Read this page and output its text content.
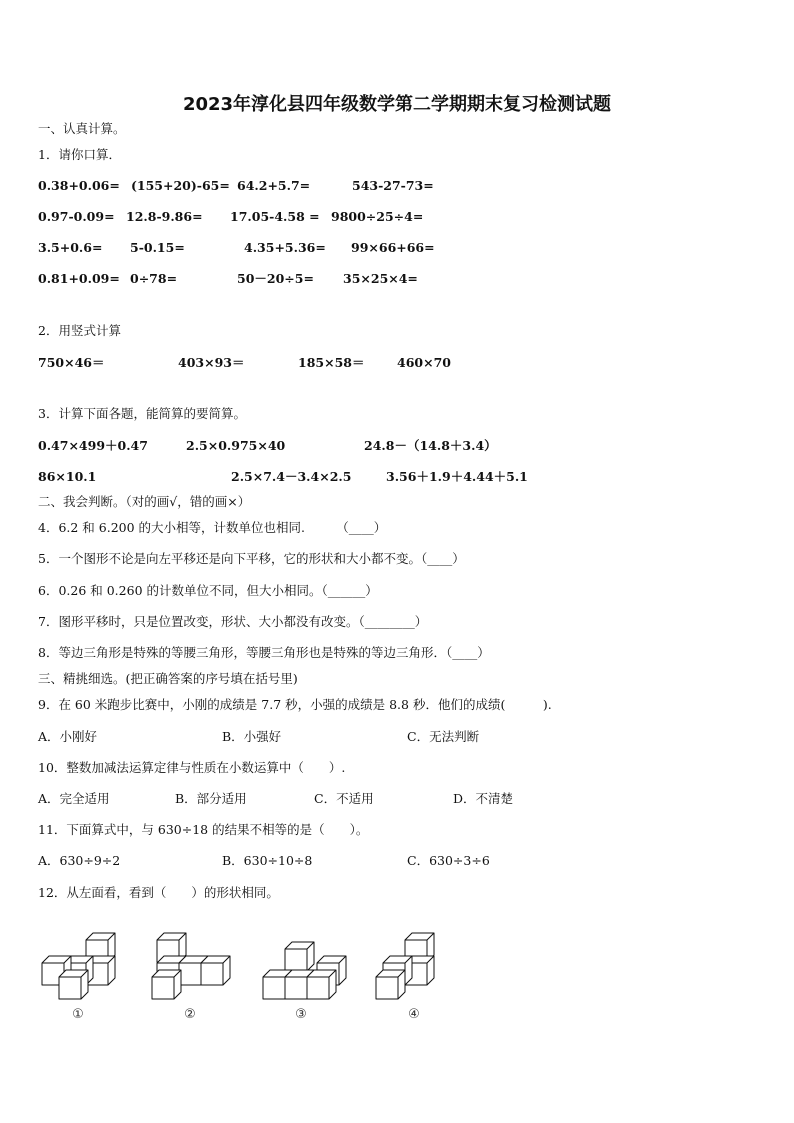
2023年淳化县四年级数学第二学期期末复习检测试题
一、认真计算。
1．请你口算．
0.38+0.06= (155+20)-65= 64.2+5.7=	543-27-73=
0.97-0.09= 12.8-9.86= 17.05-4.58 = 9800÷25÷4=
3.5+0.6= 5-0.15=	4.35+5.36= 99×66+66=
0.81+0.09= 0÷78=	50－20÷5= 35×25×4=
2．用竖式计算
750×46＝	403×93＝	185×58＝	460×70
3．计算下面各题，能简算的要简算。
0.47×499＋0.47	2.5×0.975×40	24.8－（14.8＋3.4）
86×10.1	2.5×7.4－3.4×2.5	3.56＋1.9＋4.44＋5.1
二、我会判断。（对的画√，错的画×）
4．6.2 和 6.200 的大小相等，计数单位也相同.　　　（____）
5．一个图形不论是向左平移还是向下平移，它的形状和大小都不变。（____）
6．0.26 和 0.260 的计数单位不同，但大小相同。（______）
7．图形平移时，只是位置改变，形状、大小都没有改变。（________）
8．等边三角形是特殊的等腰三角形，等腰三角形也是特殊的等边三角形．（____）
三、精挑细选。(把正确答案的序号填在括号里)
9．在 60 米跑步比赛中，小刚的成绩是 7.7 秒，小强的成绩是 8.8 秒．他们的成绩(　　　).
A．小刚好	B．小强好	C．无法判断
10．整数加减法运算定律与性质在小数运算中（　　）.
A．完全适用	B．部分适用	C．不适用	D．不清楚
11．下面算式中，与 630÷18 的结果不相等的是（　　）。
A．630÷9÷2	B．630÷10÷8	C．630÷3÷6
12．从左面看，看到（　　）的形状相同。
①	②	③	④
